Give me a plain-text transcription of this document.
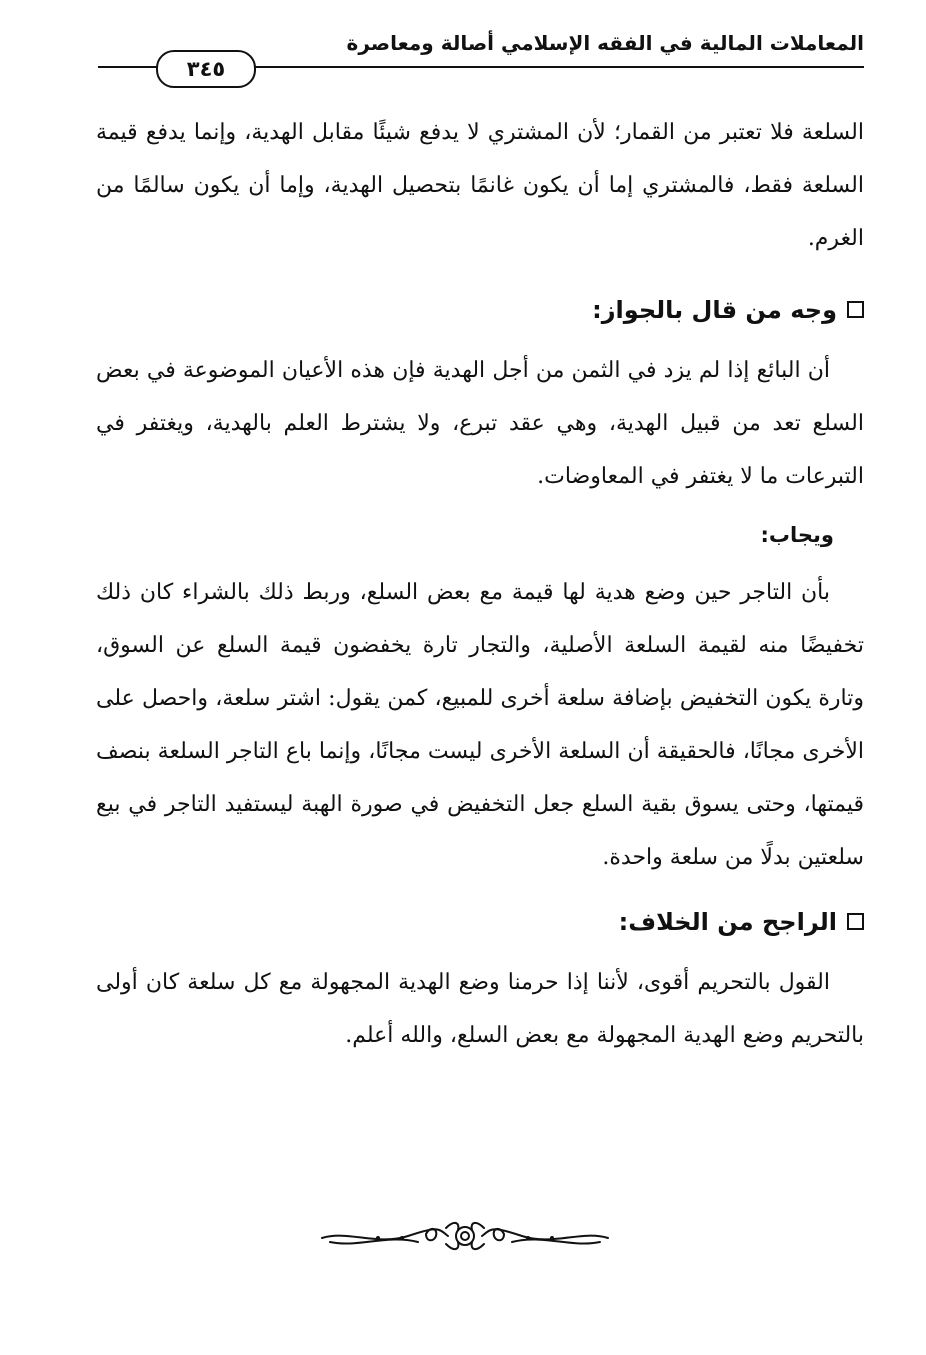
المعاملات المالية في الفقه الإسلامي أصالة ومعاصرة
٣٤٥
السلعة فلا تعتبر من القمار؛ لأن المشتري لا يدفع شيئًا مقابل الهدية، وإنما يدفع قيمة السلعة فقط، فالمشتري إما أن يكون غانمًا بتحصيل الهدية، وإما أن يكون سالمًا من الغرم.
وجه من قال بالجواز:
أن البائع إذا لم يزد في الثمن من أجل الهدية فإن هذه الأعيان الموضوعة في بعض السلع تعد من قبيل الهدية، وهي عقد تبرع، ولا يشترط العلم بالهدية، ويغتفر في التبرعات ما لا يغتفر في المعاوضات.
ويجاب:
بأن التاجر حين وضع هدية لها قيمة مع بعض السلع، وربط ذلك بالشراء كان ذلك تخفيضًا منه لقيمة السلعة الأصلية، والتجار تارة يخفضون قيمة السلع عن السوق، وتارة يكون التخفيض بإضافة سلعة أخرى للمبيع، كمن يقول: اشتر سلعة، واحصل على الأخرى مجانًا، فالحقيقة أن السلعة الأخرى ليست مجانًا، وإنما باع التاجر السلعة بنصف قيمتها، وحتى يسوق بقية السلع جعل التخفيض في صورة الهبة ليستفيد التاجر في بيع سلعتين بدلًا من سلعة واحدة.
الراجح من الخلاف:
القول بالتحريم أقوى، لأننا إذا حرمنا وضع الهدية المجهولة مع كل سلعة كان أولى بالتحريم وضع الهدية المجهولة مع بعض السلع، والله أعلم.
